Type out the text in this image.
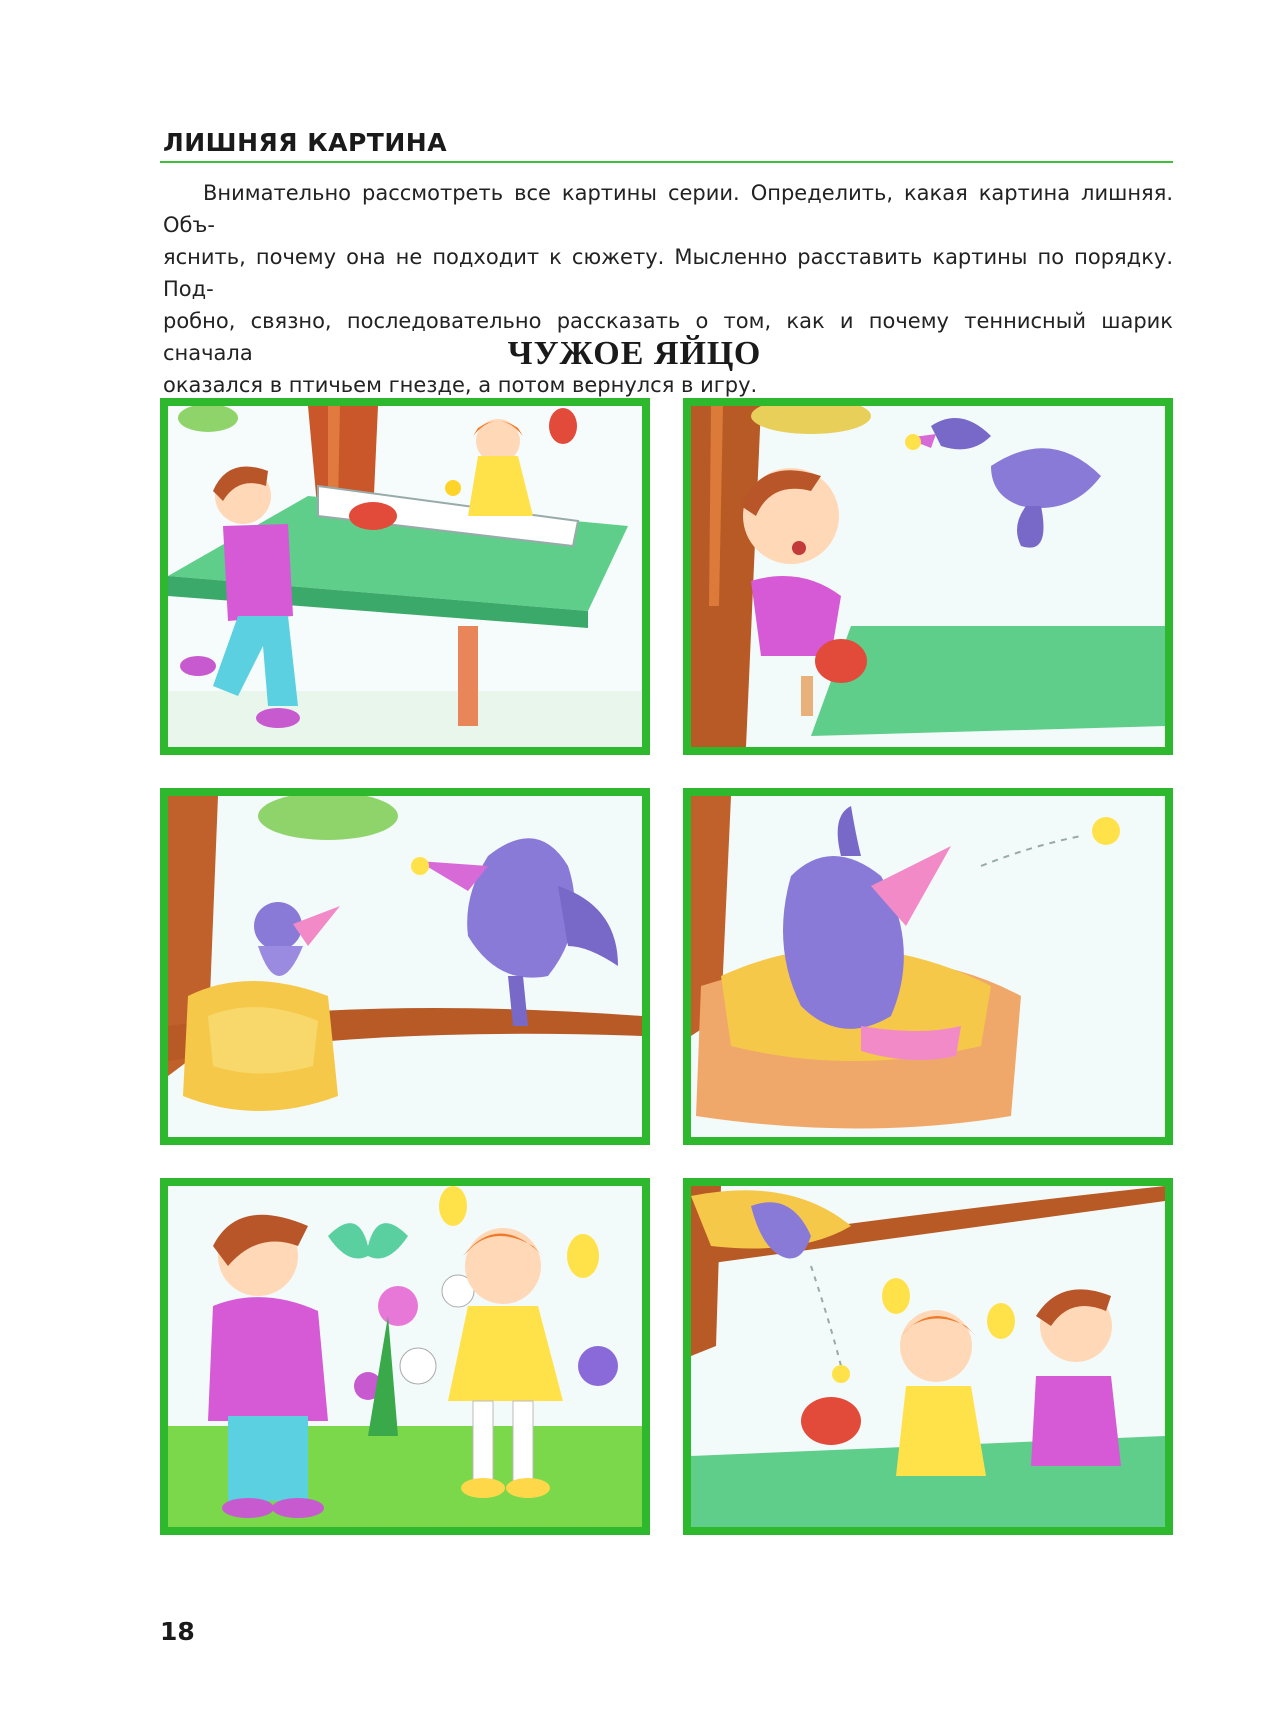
ЛИШНЯЯ КАРТИНА

Внимательно рассмотреть все картины серии. Определить, какая картина лишняя. Объ-
яснить, почему она не подходит к сюжету. Мысленно расставить картины по порядку. Под-
робно, связно, последовательно рассказать о том, как и почему теннисный шарик сначала
оказался в птичьем гнезде, а потом вернулся в игру.

ЧУЖОЕ ЯЙЦО
18
